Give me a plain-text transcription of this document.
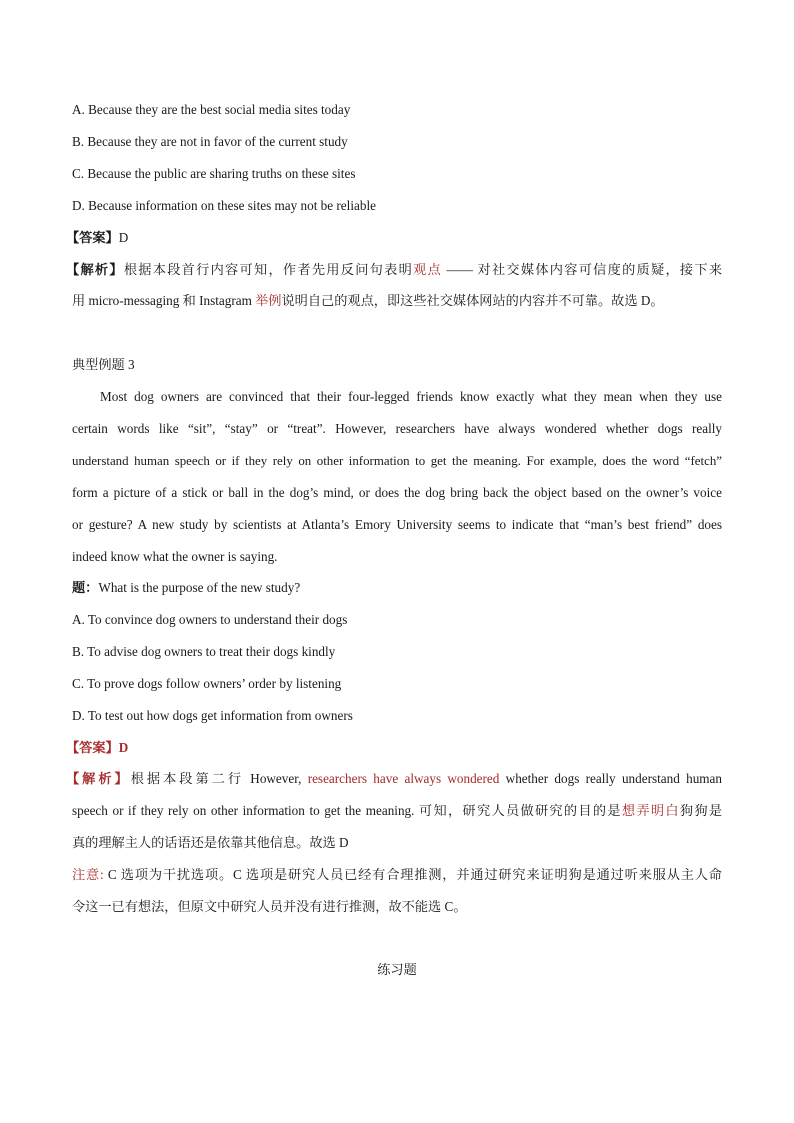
A. Because they are the best social media sites today
B. Because they are not in favor of the current study
C. Because the public are sharing truths on these sites
D. Because information on these sites may not be reliable
【答案】D
【解析】根据本段首行内容可知，作者先用反问句表明观点 —— 对社交媒体内容可信度的质疑，接下来
用 micro-messaging 和 Instagram 举例说明自己的观点，即这些社交媒体网站的内容并不可靠。故选 D。
典型例题 3
Most dog owners are convinced that their four-legged friends know exactly what they mean when they use
certain words like “sit”, “stay” or “treat”. However, researchers have always wondered whether dogs really
understand human speech or if they rely on other information to get the meaning. For example, does the word “fetch”
form a picture of a stick or ball in the dog’s mind, or does the dog bring back the object based on the owner’s voice
or gesture? A new study by scientists at Atlanta’s Emory University seems to indicate that “man’s best friend” does
indeed know what the owner is saying.
题：What is the purpose of the new study?
A. To convince dog owners to understand their dogs
B. To advise dog owners to treat their dogs kindly
C. To prove dogs follow owners’ order by listening
D. To test out how dogs get information from owners
【答案】D
【解析】根据本段第二行 However, researchers have always wondered whether dogs really understand human
speech or if they rely on other information to get the meaning. 可知，研究人员做研究的目的是想弄明白狗狗是
真的理解主人的话语还是依靠其他信息。故选 D
注意: C 选项为干扰选项。C 选项是研究人员已经有合理推测，并通过研究来证明狗是通过听来服从主人命
令这一已有想法，但原文中研究人员并没有进行推测，故不能选 C。
练习题
